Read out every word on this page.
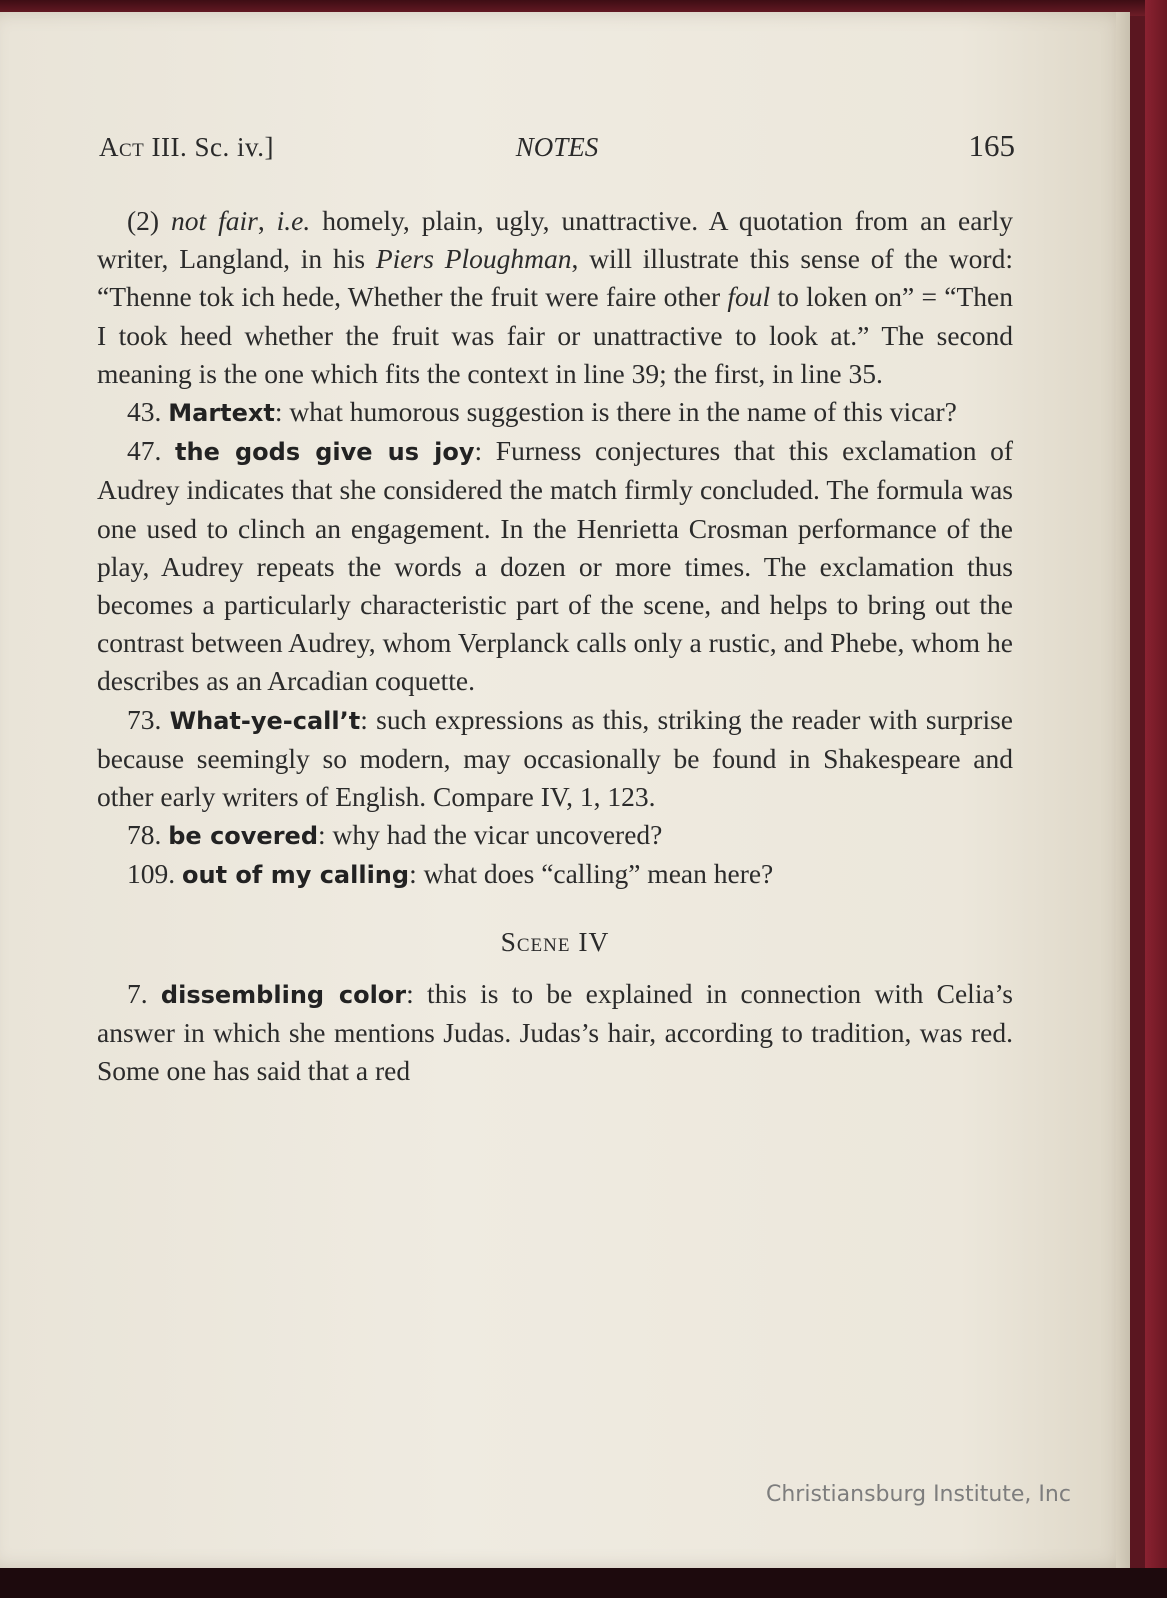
Act III. Sc. iv.]	NOTES	165

(2) not fair, i.e. homely, plain, ugly, unattractive. A quotation from an early writer, Langland, in his Piers Ploughman, will illustrate this sense of the word: “Thenne tok ich hede, Whether the fruit were faire other foul to loken on” = “Then I took heed whether the fruit was fair or unattractive to look at.” The second meaning is the one which fits the context in line 39; the first, in line 35.

43. Martext: what humorous suggestion is there in the name of this vicar?

47. the gods give us joy: Furness conjectures that this exclamation of Audrey indicates that she considered the match firmly concluded. The formula was one used to clinch an engagement. In the Henrietta Crosman performance of the play, Audrey repeats the words a dozen or more times. The exclamation thus becomes a particularly characteristic part of the scene, and helps to bring out the contrast between Audrey, whom Verplanck calls only a rustic, and Phebe, whom he describes as an Arcadian coquette.

73. What-ye-call’t: such expressions as this, striking the reader with surprise because seemingly so modern, may occasionally be found in Shakespeare and other early writers of English. Compare IV, 1, 123.

78. be covered: why had the vicar uncovered?

109. out of my calling: what does “calling” mean here?

Scene IV

7. dissembling color: this is to be explained in connection with Celia’s answer in which she mentions Judas. Judas’s hair, according to tradition, was red. Some one has said that a red

Christiansburg Institute, Inc
